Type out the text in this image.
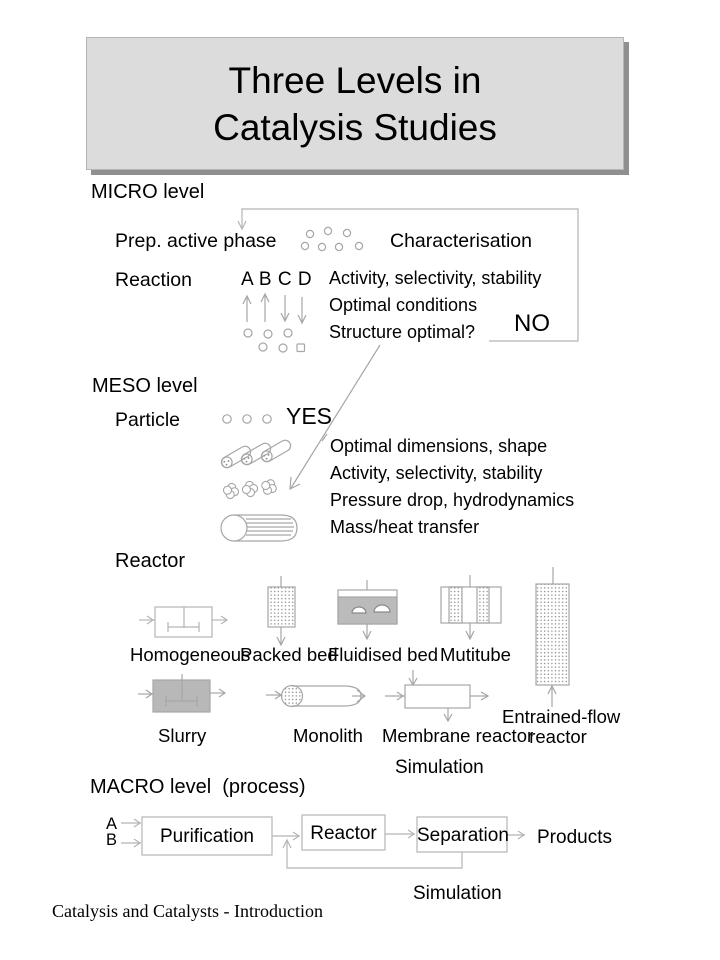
Three Levels in
Catalysis Studies
MICRO level
Prep. active phase	Characterisation
Reaction	A B C D Activity, selectivity, stability
Optimal conditions
Structure optimal? NO
YES
MESO level
Particle
Optimal dimensions, shape
Activity, selectivity, stability
Pressure drop, hydrodynamics
Mass/heat transfer
Reactor
Homogeneous
Packed bed
Fluidised bed Mutitube
Slurry	Monolith Membrane reactor
Entrained-flow
reactor
Simulation
MACRO level  (process)
A
B	Purification	Reactor	Separation Products
Simulation
Catalysis and Catalysts - Introduction
